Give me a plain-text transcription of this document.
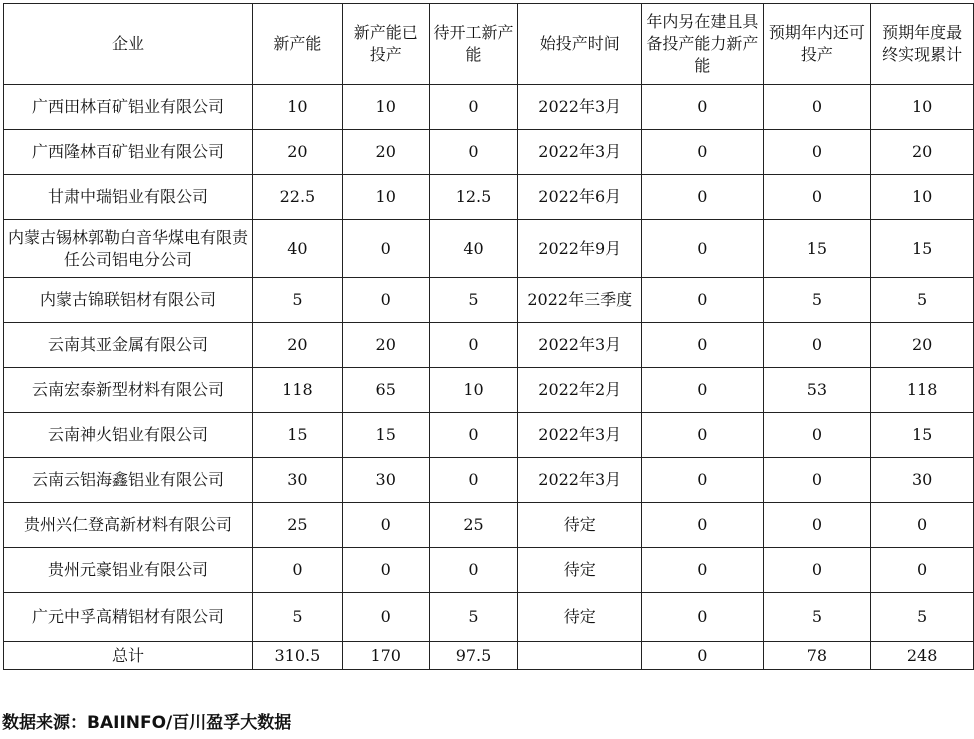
企业	新产能	新产能已投产	待开工新产能	始投产时间	年内另在建且具备投产能力新产能	预期年内还可投产	预期年度最终实现累计
广西田林百矿铝业有限公司	10	10	0	2022年3月	0	0	10
广西隆林百矿铝业有限公司	20	20	0	2022年3月	0	0	20
甘肃中瑞铝业有限公司	22.5	10	12.5	2022年6月	0	0	10
内蒙古锡林郭勒白音华煤电有限责任公司铝电分公司	40	0	40	2022年9月	0	15	15
内蒙古锦联铝材有限公司	5	0	5	2022年三季度	0	5	5
云南其亚金属有限公司	20	20	0	2022年3月	0	0	20
云南宏泰新型材料有限公司	118	65	10	2022年2月	0	53	118
云南神火铝业有限公司	15	15	0	2022年3月	0	0	15
云南云铝海鑫铝业有限公司	30	30	0	2022年3月	0	0	30
贵州兴仁登高新材料有限公司	25	0	25	待定	0	0	0
贵州元豪铝业有限公司	0	0	0	待定	0	0	0
广元中孚高精铝材有限公司	5	0	5	待定	0	5	5
总计	310.5	170	97.5		0	78	248
数据来源：BAIINFO/百川盈孚大数据
